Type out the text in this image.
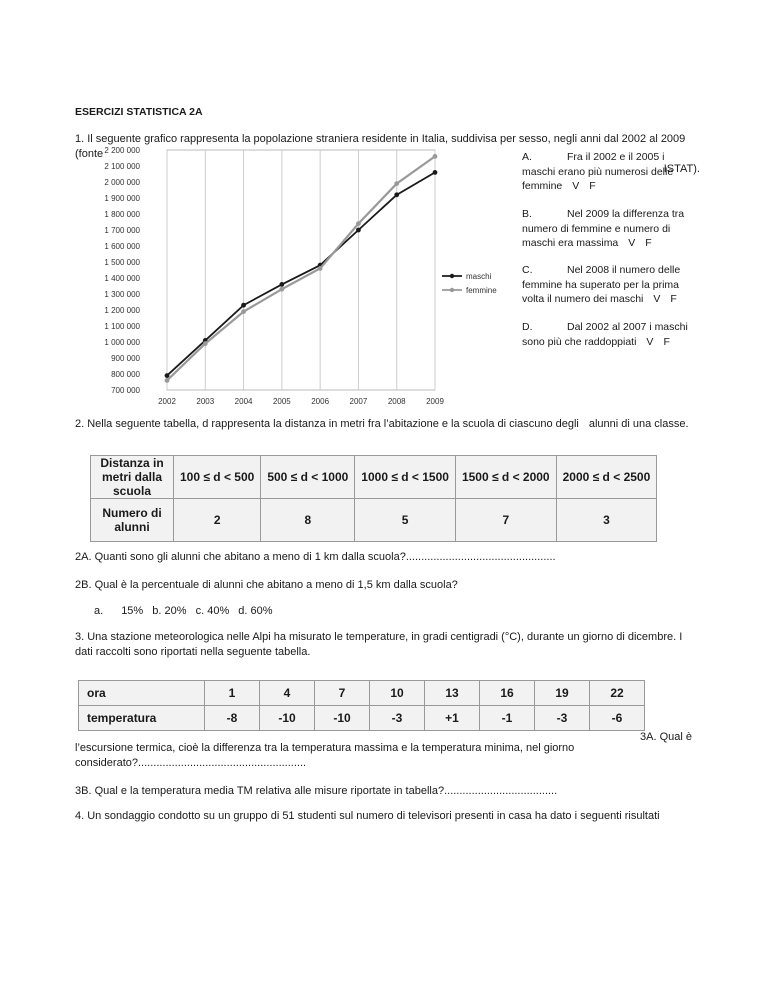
ESERCIZI STATISTICA 2A
1. Il seguente grafico rappresenta la popolazione straniera residente in Italia, suddivisa per sesso, negli anni dal 2002 al 2009 (fonte
ISTAT).
700 000
800 000
900 000
1 000 000
1 100 000
1 200 000
1 300 000
1 400 000
1 500 000
1 600 000
1 700 000
1 800 000
1 900 000
2 000 000
2 100 000
2 200 000
2002	2003	2004	2005	2006	2007	2008	2009
maschi
femmine
A.	Fra il 2002 e il 2005 i maschi erano più numerosi delle femmine V F
B.	Nel 2009 la differenza tra numero di femmine e numero di maschi era massima V F
C.	Nel 2008 il numero delle femmine ha superato per la prima volta il numero dei maschi V F
D.	Dal 2002 al 2007 i maschi sono più che raddoppiati V F
2. Nella seguente tabella, d rappresenta la distanza in metri fra l’abitazione e la scuola di ciascuno degli alunni di una classe.
Distanza in metri dalla scuola	100 ≤ d < 500	500 ≤ d < 1000	1000 ≤ d < 1500	1500 ≤ d < 2000	2000 ≤ d < 2500
Numero di alunni	2	8	5	7	3
2A. Quanti sono gli alunni che abitano a meno di 1 km dalla scuola?.................................................
2B. Qual è la percentuale di alunni che abitano a meno di 1,5 km dalla scuola?
a. 15% b. 20% c. 40% d. 60%
3. Una stazione meteorologica nelle Alpi ha misurato le temperature, in gradi centigradi (°C), durante un giorno di dicembre. I dati raccolti sono riportati nella seguente tabella.
ora	1	4	7	10	13	16	19	22
temperatura	-8	-10	-10	-3	+1	-1	-3	-6
3A. Qual è
l’escursione termica, cioè la differenza tra la temperatura massima e la temperatura minima, nel giorno considerato?.......................................................
3B. Qual e la temperatura media TM relativa alle misure riportate in tabella?.....................................
4. Un sondaggio condotto su un gruppo di 51 studenti sul numero di televisori presenti in casa ha dato i seguenti risultati
